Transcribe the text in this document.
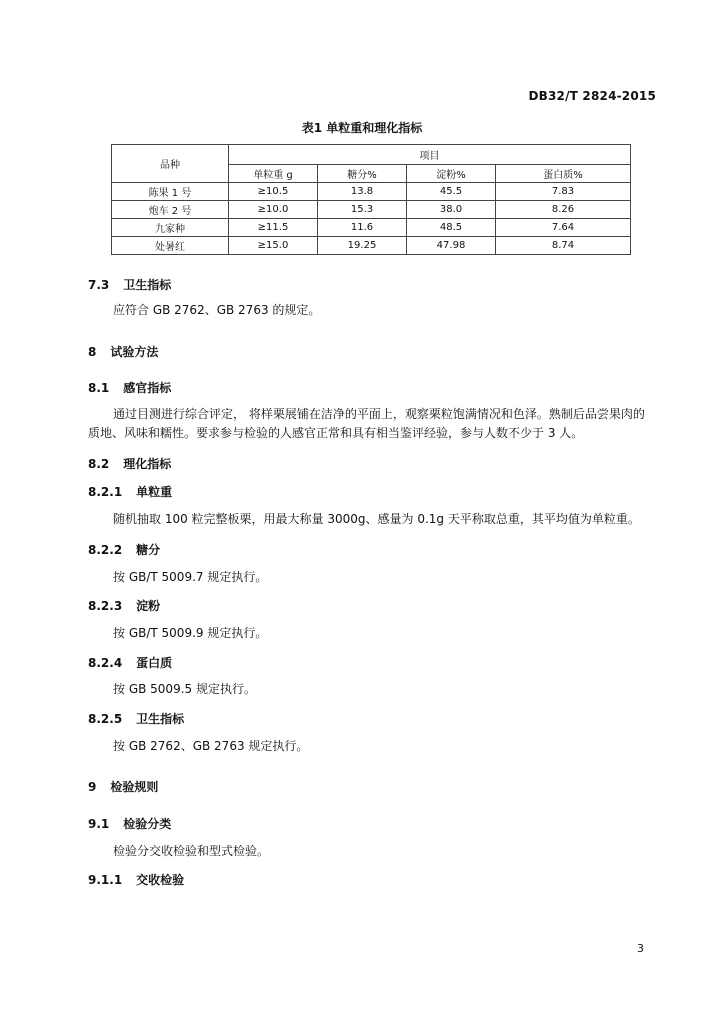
DB32/T 2824-2015
表1 单粒重和理化指标
品种	项目			
	单粒重 g	糖分%	淀粉%	蛋白质%
陈果 1 号	≥10.5	13.8	45.5	7.83
炮车 2 号	≥10.0	15.3	38.0	8.26
九家种	≥11.5	11.6	48.5	7.64
处暑红	≥15.0	19.25	47.98	8.74
7.3 卫生指标
应符合 GB 2762、GB 2763 的规定。
8 试验方法
8.1 感官指标
通过目测进行综合评定， 将样栗展铺在洁净的平面上，观察栗粒饱满情况和色泽。熟制后品尝果肉的质地、风味和糯性。要求参与检验的人感官正常和具有相当鉴评经验，参与人数不少于 3 人。
8.2 理化指标
8.2.1 单粒重
随机抽取 100 粒完整板栗，用最大称量 3000g、感量为 0.1g 天平称取总重，其平均值为单粒重。
8.2.2 糖分
按 GB/T 5009.7 规定执行。
8.2.3 淀粉
按 GB/T 5009.9 规定执行。
8.2.4 蛋白质
按 GB 5009.5 规定执行。
8.2.5 卫生指标
按 GB 2762、GB 2763 规定执行。
9 检验规则
9.1 检验分类
检验分交收检验和型式检验。
9.1.1 交收检验
3
